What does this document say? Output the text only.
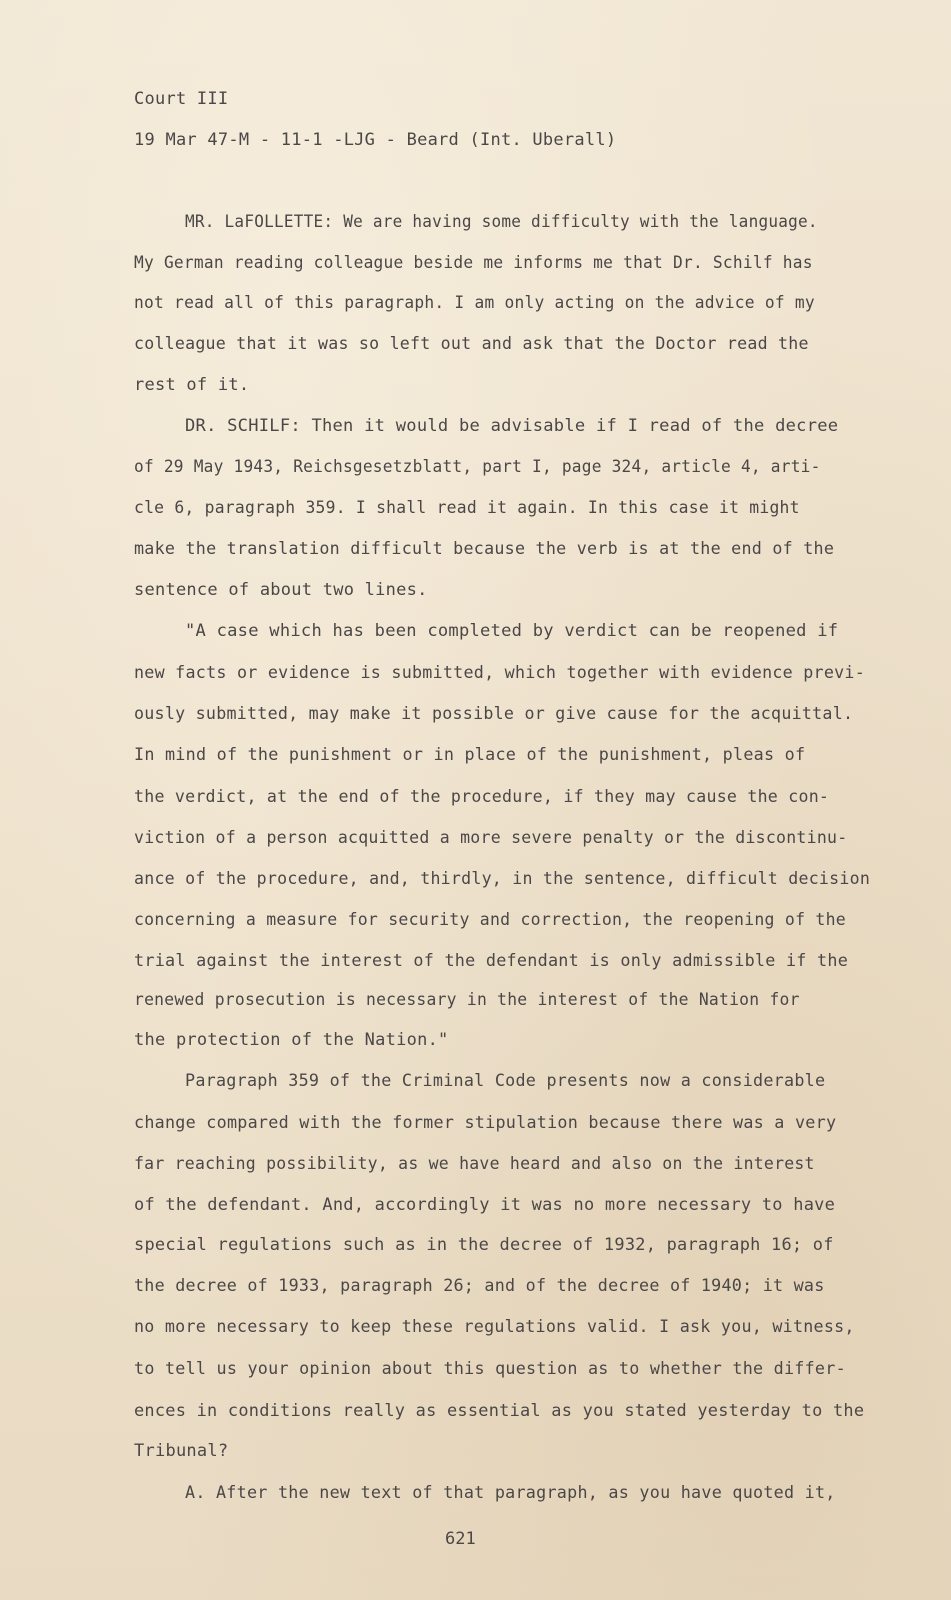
Court III
19 Mar 47-M - 11-1 -LJG - Beard (Int. Uberall)
MR. LaFOLLETTE: We are having some difficulty with the language.
My German reading colleague beside me informs me that Dr. Schilf has
not read all of this paragraph. I am only acting on the advice of my
colleague that it was so left out and ask that the Doctor read the
rest of it.
DR. SCHILF: Then it would be advisable if I read of the decree
of 29 May 1943, Reichsgesetzblatt, part I, page 324, article 4, arti-
cle 6, paragraph 359. I shall read it again. In this case it might
make the translation difficult because the verb is at the end of the
sentence of about two lines.
"A case which has been completed by verdict can be reopened if
new facts or evidence is submitted, which together with evidence previ-
ously submitted, may make it possible or give cause for the acquittal.
In mind of the punishment or in place of the punishment, pleas of
the verdict, at the end of the procedure, if they may cause the con-
viction of a person acquitted a more severe penalty or the discontinu-
ance of the procedure, and, thirdly, in the sentence, difficult decision
concerning a measure for security and correction, the reopening of the
trial against the interest of the defendant is only admissible if the
renewed prosecution is necessary in the interest of the Nation for
the protection of the Nation."
Paragraph 359 of the Criminal Code presents now a considerable
change compared with the former stipulation because there was a very
far reaching possibility, as we have heard and also on the interest
of the defendant. And, accordingly it was no more necessary to have
special regulations such as in the decree of 1932, paragraph 16; of
the decree of 1933, paragraph 26; and of the decree of 1940; it was
no more necessary to keep these regulations valid. I ask you, witness,
to tell us your opinion about this question as to whether the differ-
ences in conditions really as essential as you stated yesterday to the
Tribunal?
A. After the new text of that paragraph, as you have quoted it,
621
